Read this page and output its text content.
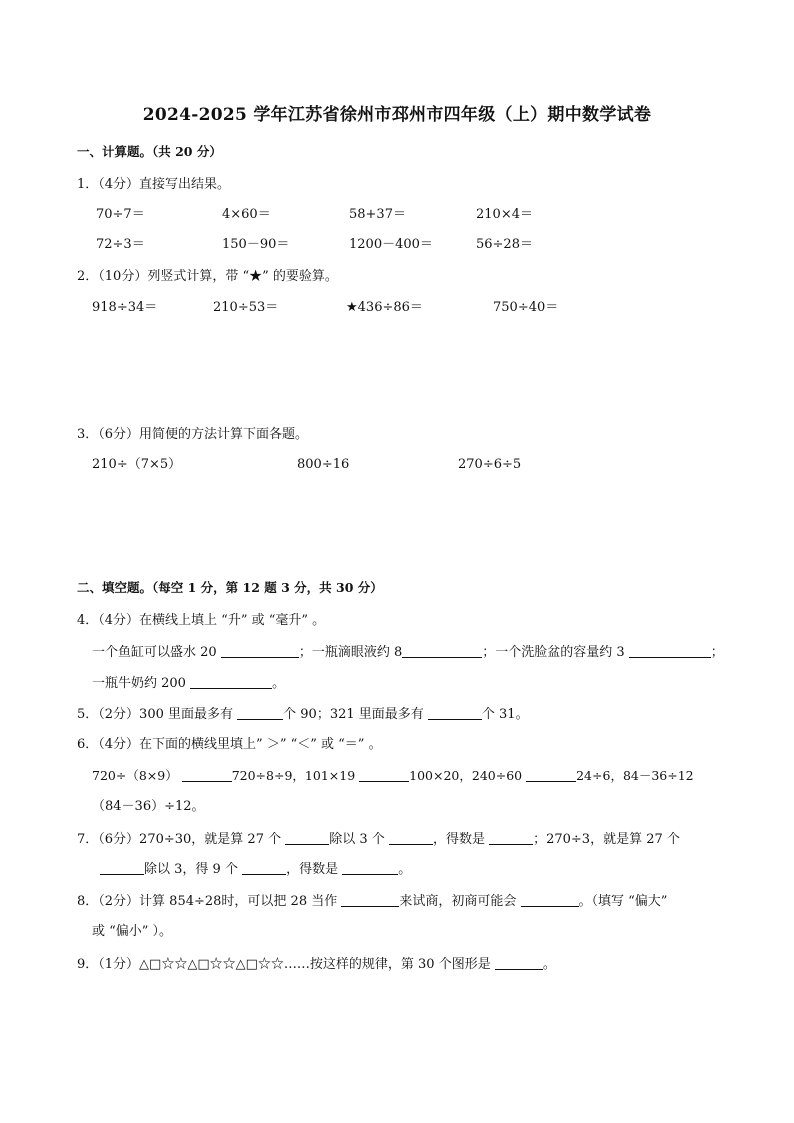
2024-2025 学年江苏省徐州市邳州市四年级（上）期中数学试卷
一、计算题。（共 20 分）
1．（4分）直接写出结果。
70÷7＝	4×60＝	58+37＝	210×4＝
72÷3＝	150－90＝	1200－400＝	56÷28＝
2．（10分）列竖式计算，带 “★” 的要验算。
918÷34＝	210÷53＝	★436÷86＝	750÷40＝
3．（6分）用简便的方法计算下面各题。
210÷（7×5）	800÷16	270÷6÷5
二、填空题。（每空 1 分，第 12 题 3 分，共 30 分）
4．（4分）在横线上填上 “升” 或 “毫升” 。
一个鱼缸可以盛水 20	；一瓶滴眼液约 8	；一个洗脸盆的容量约 3	；
一瓶牛奶约 200	。
5．（2分）300 里面最多有	个 90；321 里面最多有	个 31。
6．（4分）在下面的横线里填上” ＞” “＜” 或 “＝” 。
720÷（8×9）	720÷8÷9，101×19	100×20，240÷60	24÷6，84－36÷12
（84－36）÷12。
7．（6分）270÷30，就是算 27 个	除以 3 个	，得数是	；270÷3，就是算 27 个
除以 3，得 9 个	，得数是	。
8．（2分）计算 854÷28时，可以把 28 当作	来试商，初商可能会	。（填写 “偏大”
或 “偏小” ）。
9．（1分）△□☆☆△□☆☆△□☆☆……按这样的规律，第 30 个图形是	。
